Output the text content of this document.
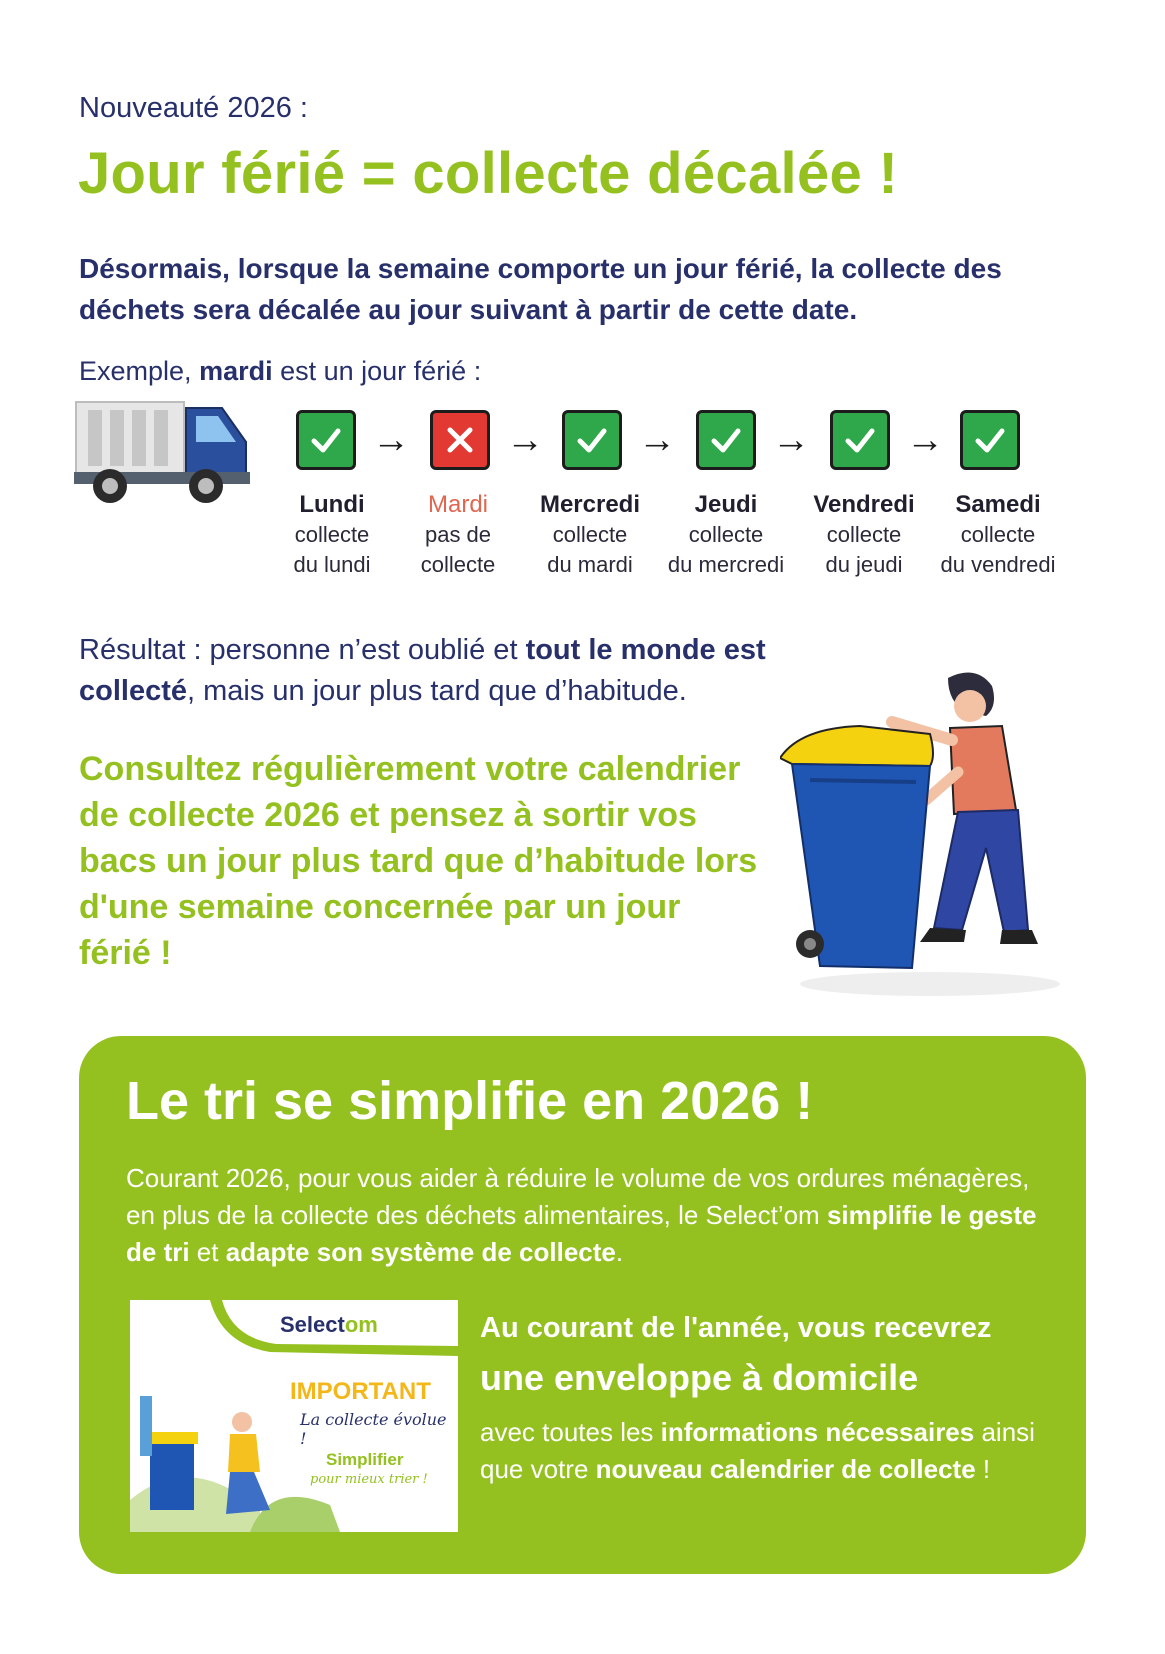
Nouveauté 2026 :
Jour férié = collecte décalée !
Désormais, lorsque la semaine comporte un jour férié, la collecte des déchets sera décalée au jour suivant à partir de cette date.
Exemple, mardi est un jour férié :
→
Lundi
collecte
du lundi
→
Mardi
pas de
collecte
→
Mercredi
collecte
du mardi
→
Jeudi
collecte
du mercredi
→
Vendredi
collecte
du jeudi
Samedi
collecte
du vendredi
Résultat : personne n’est oublié et tout le monde est collecté, mais un jour plus tard que d’habitude.
Consultez régulièrement votre calendrier de collecte 2026 et pensez à sortir vos bacs un jour plus tard que d’habitude lors d'une semaine concernée par un jour férié !
Le tri se simplifie en 2026 !
Courant 2026, pour vous aider à réduire le volume de vos ordures ménagères, en plus de la collecte des déchets alimentaires, le Select’om simplifie le geste de tri et adapte son système de collecte.
Selectom
IMPORTANT
La collecte évolue !
Simplifier
pour mieux trier !
Au courant de l'année, vous recevrez
une enveloppe à domicile
avec toutes les informations nécessaires ainsi que votre nouveau calendrier de collecte !
